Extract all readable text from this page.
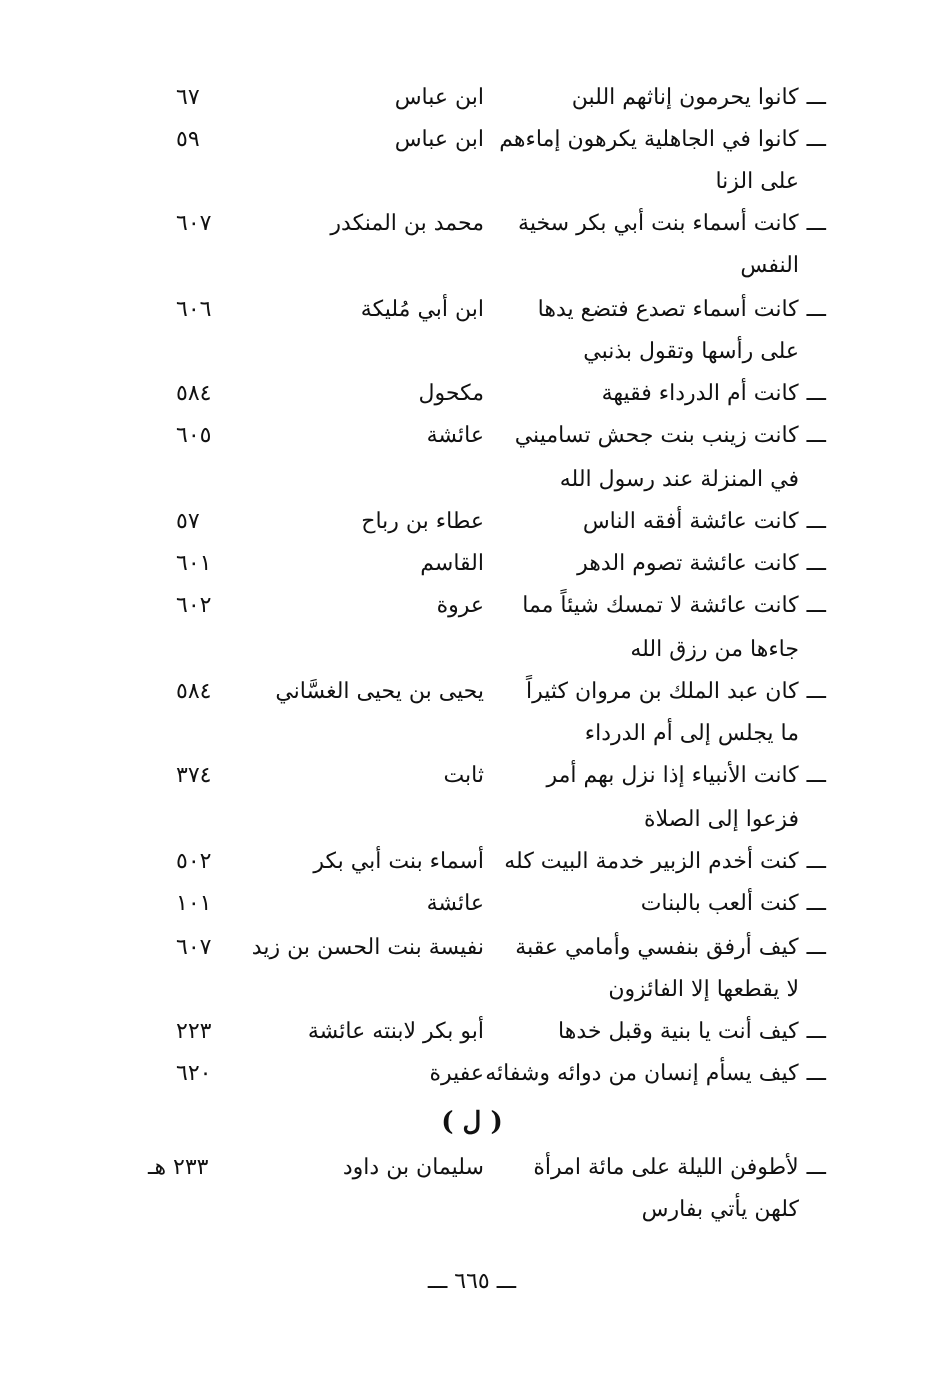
ـــكانوا يحرمون إناثهم اللبن
ابن عباس
٦٧
ـــكانوا في الجاهلية يكرهون إماءهم
ابن عباس
٥٩
على الزنا
ـــكانت أسماء بنت أبي بكر سخية
محمد بن المنكدر
٦٠٧
النفس
ـــكانت أسماء تصدع فتضع يدها
ابن أبي مُليكة
٦٠٦
على رأسها وتقول بذنبي
ـــكانت أم الدرداء فقيهة
مكحول
٥٨٤
ـــكانت زينب بنت جحش تساميني
عائشة
٦٠٥
في المنزلة عند رسول الله
ـــكانت عائشة أفقه الناس
عطاء بن رباح
٥٧
ـــكانت عائشة تصوم الدهر
القاسم
٦٠١
ـــكانت عائشة لا تمسك شيئاً مما
عروة
٦٠٢
جاءها من رزق الله
ـــكان عبد الملك بن مروان كثيراً
يحيى بن يحيى الغسَّاني
٥٨٤
ما يجلس إلى أم الدرداء
ـــكانت الأنبياء إذا نزل بهم أمر
ثابت
٣٧٤
فزعوا إلى الصلاة
ـــكنت أخدم الزبير خدمة البيت كله
أسماء بنت أبي بكر
٥٠٢
ـــكنت ألعب بالبنات
عائشة
١٠١
ـــكيف أرفق بنفسي وأمامي عقبة
نفيسة بنت الحسن بن زيد
٦٠٧
لا يقطعها إلا الفائزون
ـــكيف أنت يا بنية وقبل خدها
أبو بكر لابنته عائشة
٢٢٣
ـــكيف يسأم إنسان من دوائه وشفائه
عفيرة
٦٢٠
( ل )
ـــلأطوفن الليلة على مائة امرأة
سليمان بن داود
٢٣٣ هـ
كلهن يأتي بفارس
ـــ ٦٦٥ ـــ
